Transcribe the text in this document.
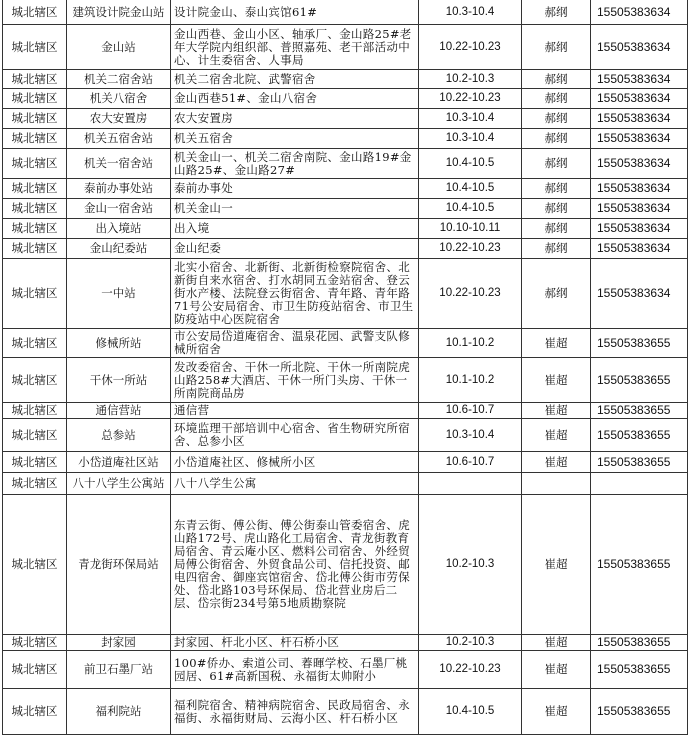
城北辖区	建筑设计院金山站	设计院金山、泰山宾馆61#	10.3-10.4	郝纲	15505383634
城北辖区	金山站	金山西巷、金山小区、轴承厂、金山路25#老年大学院内组织部、普照嘉苑、老干部活动中心、计生委宿舍、人事局	10.22-10.23	郝纲	15505383634
城北辖区	机关二宿舍站	机关二宿舍北院、武警宿舍	10.2-10.3	郝纲	15505383634
城北辖区	机关八宿舍	金山西巷51#、金山八宿舍	10.22-10.23	郝纲	15505383634
城北辖区	农大安置房	农大安置房	10.3-10.4	郝纲	15505383634
城北辖区	机关五宿舍站	机关五宿舍	10.3-10.4	郝纲	15505383634
城北辖区	机关一宿舍站	机关金山一、机关二宿舍南院、金山路19#金山路25#、金山路27#	10.4-10.5	郝纲	15505383634
城北辖区	泰前办事处站	泰前办事处	10.4-10.5	郝纲	15505383634
城北辖区	金山一宿舍站	机关金山一	10.4-10.5	郝纲	15505383634
城北辖区	出入境站	出入境	10.10-10.11	郝纲	15505383634
城北辖区	金山纪委站	金山纪委	10.22-10.23	郝纲	15505383634
城北辖区	一中站	北实小宿舍、北新街、北新街检察院宿舍、北新街自来水宿舍、打水胡同五金站宿舍、登云街水产楼、法院登云街宿舍、青年路、青年路71号公安局宿舍、市卫生防疫站宿舍、市卫生防疫站中心医院宿舍	10.22-10.23	郝纲	15505383634
城北辖区	修械所站	市公安局岱道庵宿舍、温泉花园、武警支队修械所宿舍	10.1-10.2	崔超	15505383655
城北辖区	干休一所站	发改委宿舍、干休一所北院、干休一所南院虎山路258#大酒店、干休一所门头房、干休一所南院商品房	10.1-10.2	崔超	15505383655
城北辖区	通信营站	通信营	10.6-10.7	崔超	15505383655
城北辖区	总参站	环境监理干部培训中心宿舍、省生物研究所宿舍、总参小区	10.3-10.4	崔超	15505383655
城北辖区	小岱道庵社区站	小岱道庵社区、修械所小区	10.6-10.7	崔超	15505383655
城北辖区	八十八学生公寓站	八十八学生公寓			
城北辖区	青龙街环保局站	东青云街、傅公街、傅公街泰山管委宿舍、虎山路172号、虎山路化工局宿舍、青龙街教育局宿舍、青云庵小区、燃料公司宿舍、外经贸局傅公街宿舍、外贸食品公司、信托投资、邮电四宿舍、御座宾馆宿舍、岱北傅公街市劳保处、岱北路103号环保局、岱北营业房后二层、岱宗街234号第5地质勘察院	10.2-10.3	崔超	15505383655
城北辖区	封家园	封家园、杆北小区、杆石桥小区	10.2-10.3	崔超	15505383655
城北辖区	前卫石墨厂站	100#侨办、索道公司、萶暉学校、石墨厂桃园居、61#高新国税、永福街太帅附小	10.22-10.23	崔超	15505383655
城北辖区	福利院站	福利院宿舍、精神病院宿舍、民政局宿舍、永福街、永福街财局、云海小区、杆石桥小区	10.4-10.5	崔超	15505383655
